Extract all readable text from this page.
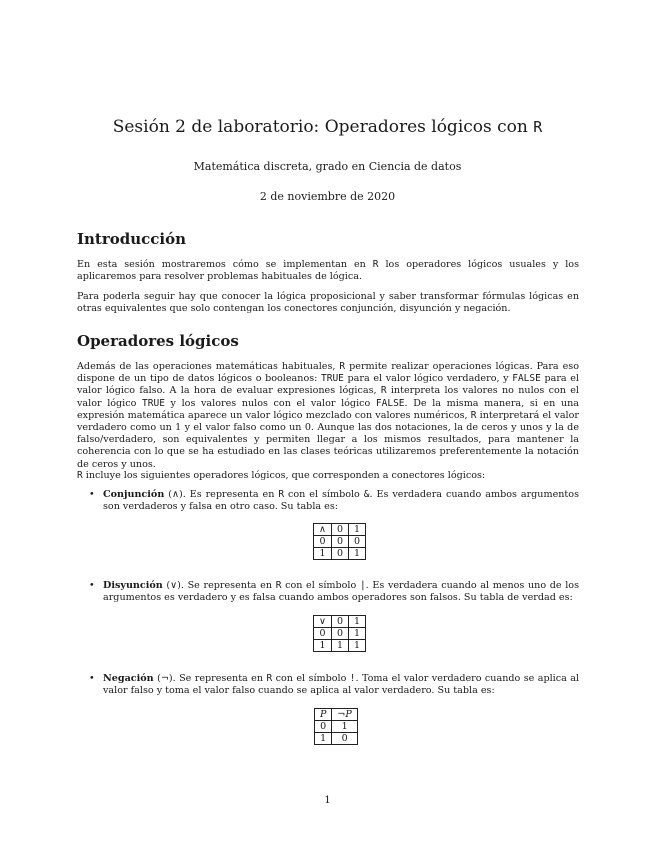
Sesión 2 de laboratorio: Operadores lógicos con R
Matemática discreta, grado en Ciencia de datos
2 de noviembre de 2020
Introducción
En esta sesión mostraremos cómo se implementan en R los operadores lógicos usuales y los aplicaremos para resolver problemas habituales de lógica.
Para poderla seguir hay que conocer la lógica proposicional y saber transformar fórmulas lógicas en otras equivalentes que solo contengan los conectores conjunción, disyunción y negación.
Operadores lógicos
Además de las operaciones matemáticas habituales, R permite realizar operaciones lógicas. Para eso dispone de un tipo de datos lógicos o booleanos: TRUE para el valor lógico verdadero, y FALSE para el valor lógico falso. A la hora de evaluar expresiones lógicas, R interpreta los valores no nulos con el valor lógico TRUE y los valores nulos con el valor lógico FALSE. De la misma manera, si en una expresión matemática aparece un valor lógico mezclado con valores numéricos, R interpretará el valor verdadero como un 1 y el valor falso como un 0. Aunque las dos notaciones, la de ceros y unos y la de falso/verdadero, son equivalentes y permiten llegar a los mismos resultados, para mantener la coherencia con lo que se ha estudiado en las clases teóricas utilizaremos preferentemente la notación de ceros y unos.
R incluye los siguientes operadores lógicos, que corresponden a conectores lógicos:
• Conjunción (∧). Es representa en R con el símbolo &. Es verdadera cuando ambos argumentos son verdaderos y falsa en otro caso. Su tabla es:
∧	0	1
0	0	0
1	0	1
• Disyunción (∨). Se representa en R con el símbolo |. Es verdadera cuando al menos uno de los argumentos es verdadero y es falsa cuando ambos operadores son falsos. Su tabla de verdad es:
∨	0	1
0	0	1
1	1	1
• Negación (¬). Se representa en R con el símbolo !. Toma el valor verdadero cuando se aplica al valor falso y toma el valor falso cuando se aplica al valor verdadero. Su tabla es:
P	¬P
0	1
1	0
1
